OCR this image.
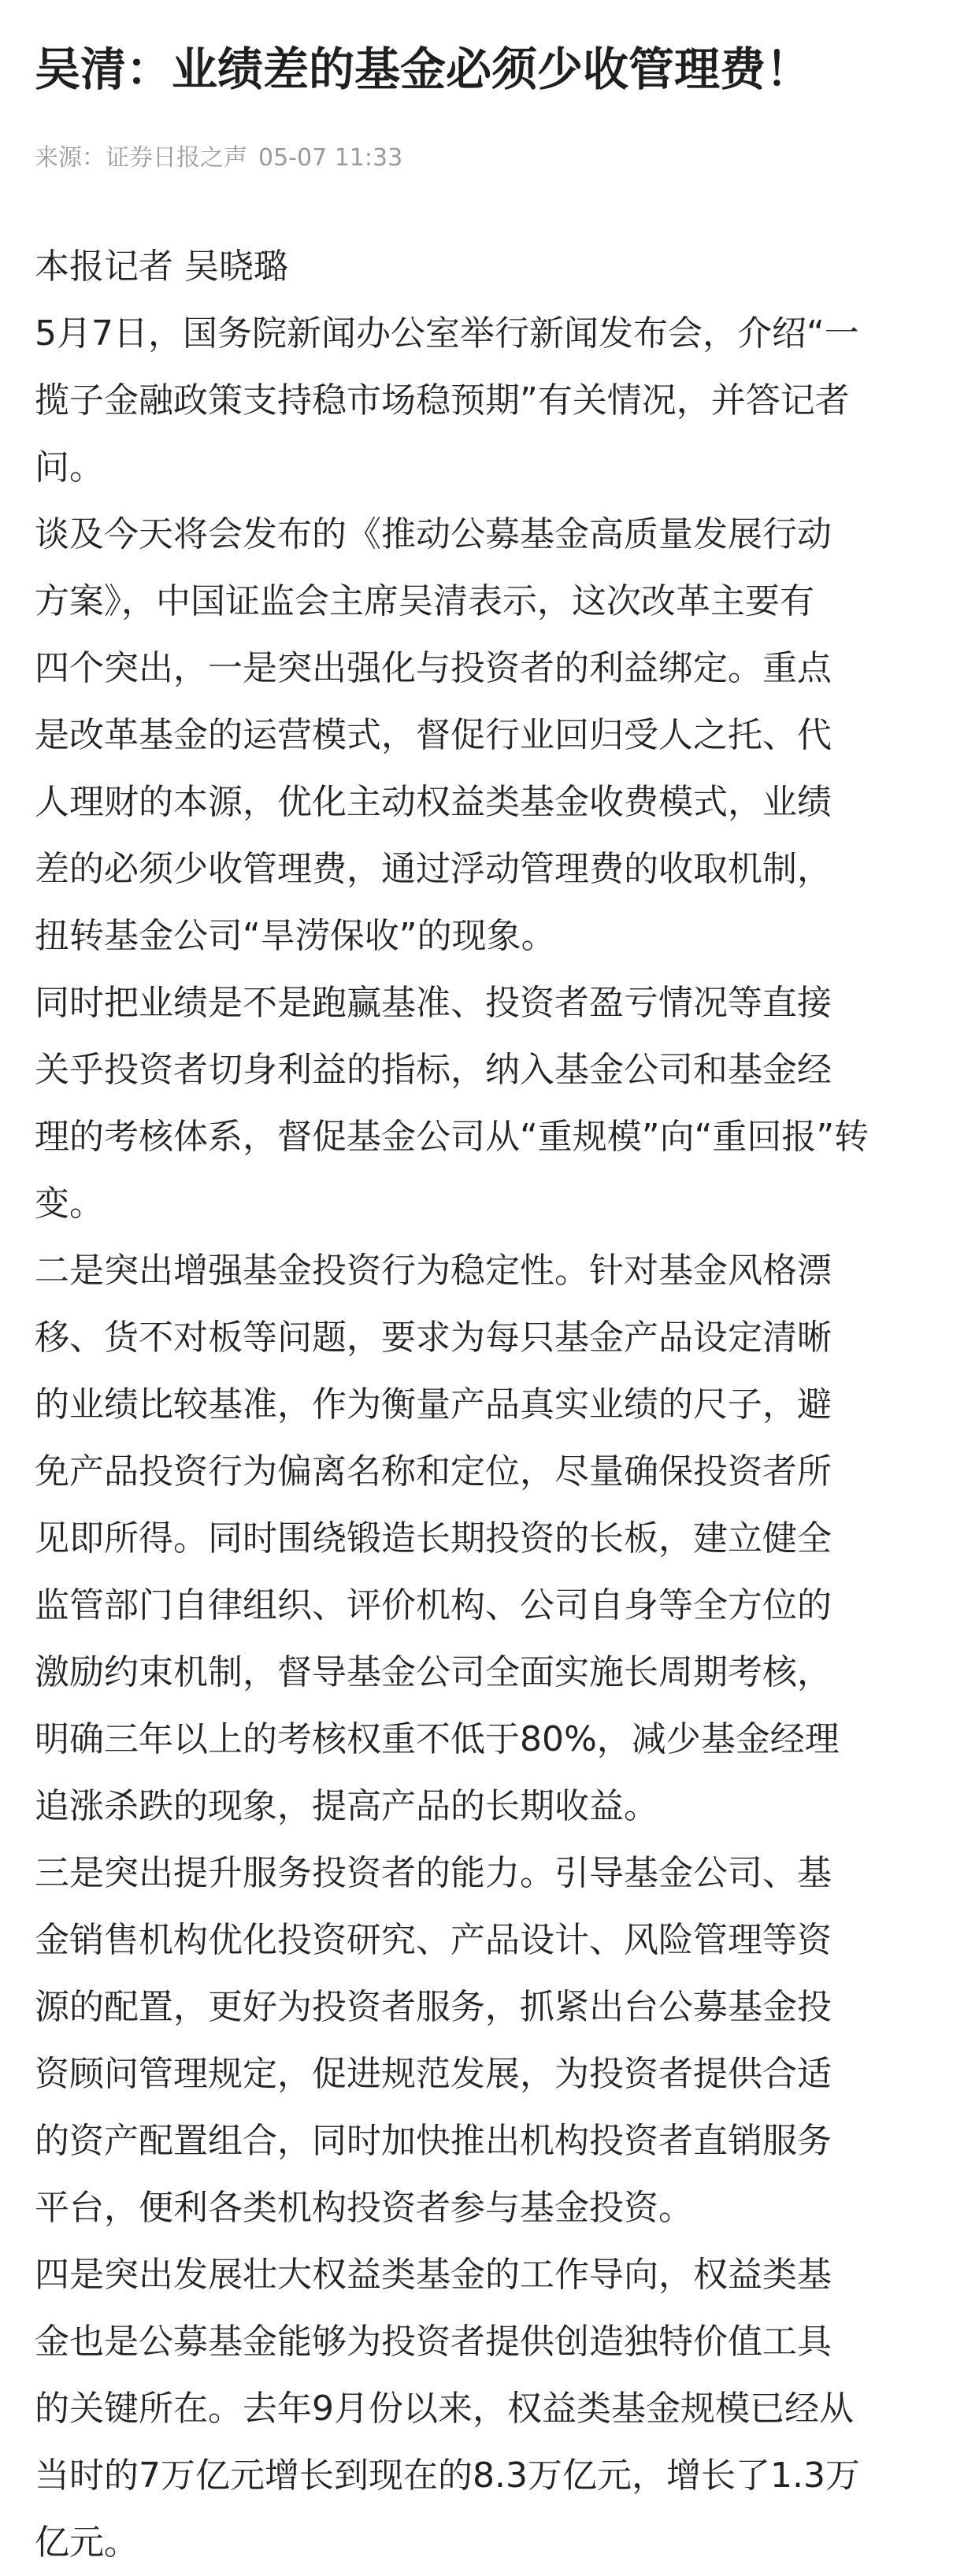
吴清：业绩差的基金必须少收管理费！
来源：证券日报之声 05-07 11:33

本报记者 吴晓璐

5月7日，国务院新闻办公室举行新闻发布会，介绍“一

揽子金融政策支持稳市场稳预期”有关情况，并答记者

问。

谈及今天将会发布的《推动公募基金高质量发展行动

方案》，中国证监会主席吴清表示，这次改革主要有

四个突出，一是突出强化与投资者的利益绑定。重点

是改革基金的运营模式，督促行业回归受人之托、代

人理财的本源，优化主动权益类基金收费模式，业绩

差的必须少收管理费，通过浮动管理费的收取机制，

扭转基金公司“旱涝保收”的现象。

同时把业绩是不是跑赢基准、投资者盈亏情况等直接

关乎投资者切身利益的指标，纳入基金公司和基金经

理的考核体系，督促基金公司从“重规模”向“重回报”转

变。

二是突出增强基金投资行为稳定性。针对基金风格漂

移、货不对板等问题，要求为每只基金产品设定清晰

的业绩比较基准，作为衡量产品真实业绩的尺子，避

免产品投资行为偏离名称和定位，尽量确保投资者所

见即所得。同时围绕锻造长期投资的长板，建立健全

监管部门自律组织、评价机构、公司自身等全方位的

激励约束机制，督导基金公司全面实施长周期考核，

明确三年以上的考核权重不低于80%，减少基金经理

追涨杀跌的现象，提高产品的长期收益。

三是突出提升服务投资者的能力。引导基金公司、基

金销售机构优化投资研究、产品设计、风险管理等资

源的配置，更好为投资者服务，抓紧出台公募基金投

资顾问管理规定，促进规范发展，为投资者提供合适

的资产配置组合，同时加快推出机构投资者直销服务

平台，便利各类机构投资者参与基金投资。

四是突出发展壮大权益类基金的工作导向，权益类基

金也是公募基金能够为投资者提供创造独特价值工具

的关键所在。去年9月份以来，权益类基金规模已经从

当时的7万亿元增长到现在的8.3万亿元，增长了1.3万

亿元。
